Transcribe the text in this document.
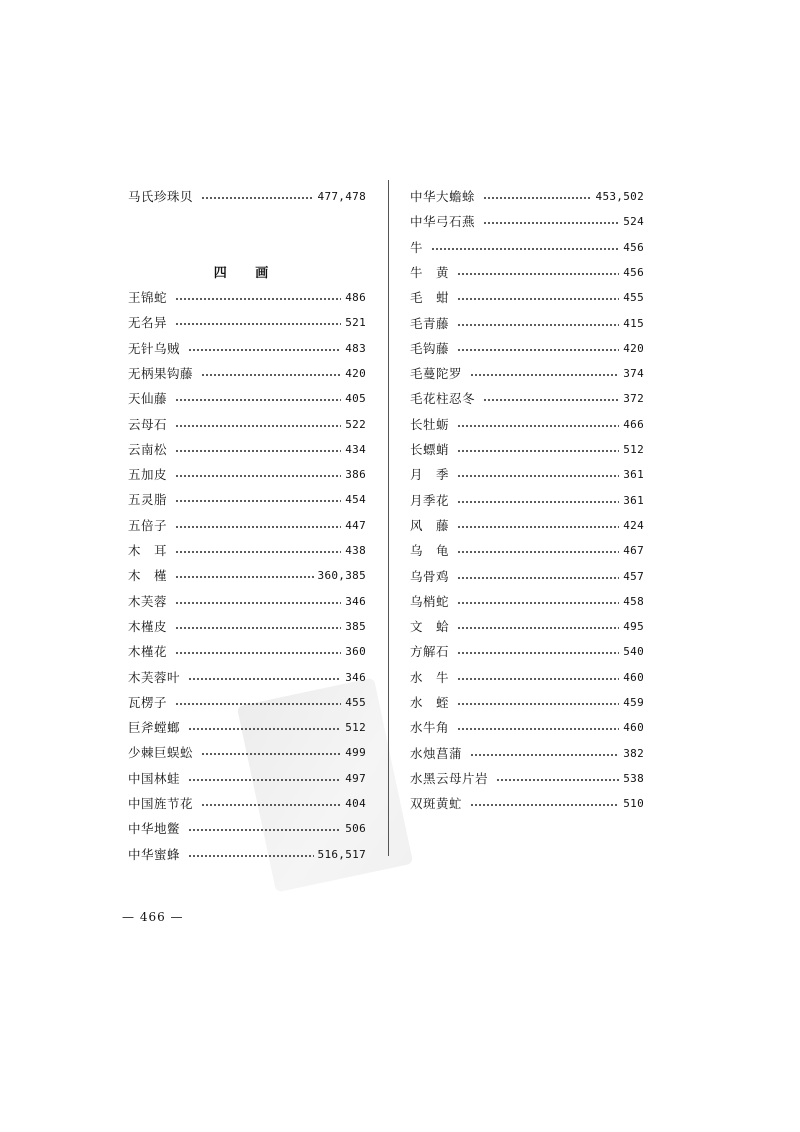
马氏珍珠贝	477,478
四 画
王锦蛇	486
无名异	521
无针乌贼	483
无柄果钩藤	420
天仙藤	405
云母石	522
云南松	434
五加皮	386
五灵脂	454
五倍子	447
木　耳	438
木　槿	360,385
木芙蓉	346
木槿皮	385
木槿花	360
木芙蓉叶	346
瓦楞子	455
巨斧螳螂	512
少棘巨蜈蚣	499
中国林蛙	497
中国旌节花	404
中华地鳖	506
中华蜜蜂	516,517
中华大蟾蜍	453,502
中华弓石燕	524
牛	456
牛　黄	456
毛　蚶	455
毛青藤	415
毛钩藤	420
毛蔓陀罗	374
毛花柱忍冬	372
长牡蛎	466
长螵蛸	512
月　季	361
月季花	361
风　藤	424
乌　龟	467
乌骨鸡	457
乌梢蛇	458
文　蛤	495
方解石	540
水　牛	460
水　蛭	459
水牛角	460
水烛菖蒲	382
水黑云母片岩	538
双斑黄虻	510
— 466 —
